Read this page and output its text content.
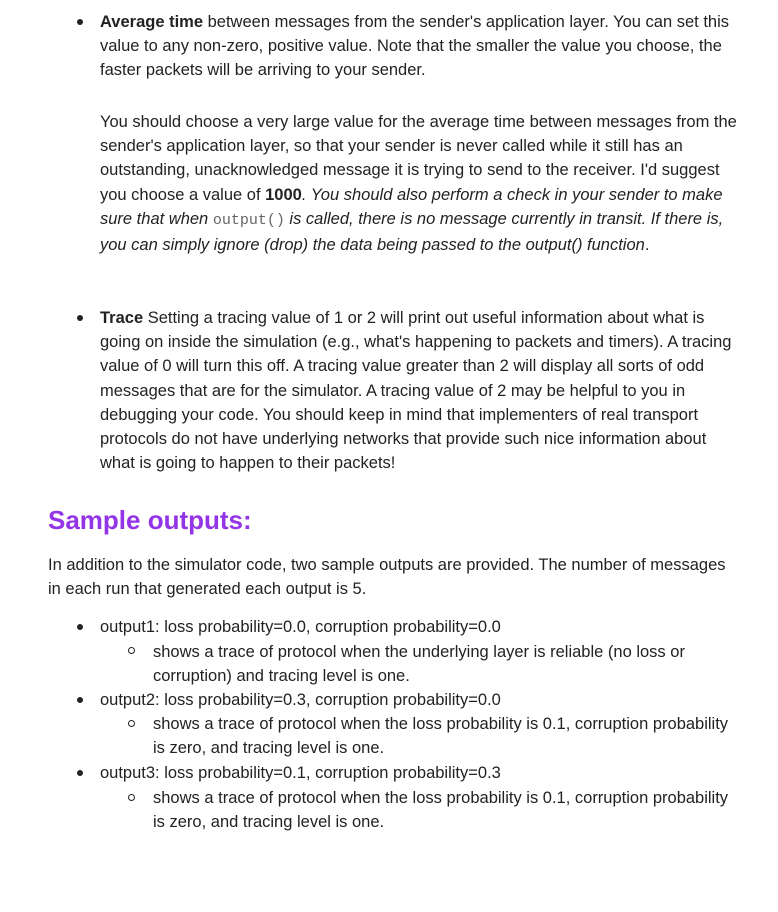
Average time between messages from the sender's application layer. You can set this value to any non-zero, positive value. Note that the smaller the value you choose, the faster packets will be arriving to your sender.

You should choose a very large value for the average time between messages from the sender's application layer, so that your sender is never called while it still has an outstanding, unacknowledged message it is trying to send to the receiver. I'd suggest you choose a value of 1000. You should also perform a check in your sender to make sure that when output() is called, there is no message currently in transit. If there is, you can simply ignore (drop) the data being passed to the output() function.

Trace Setting a tracing value of 1 or 2 will print out useful information about what is going on inside the simulation (e.g., what's happening to packets and timers). A tracing value of 0 will turn this off. A tracing value greater than 2 will display all sorts of odd messages that are for the simulator. A tracing value of 2 may be helpful to you in debugging your code. You should keep in mind that implementers of real transport protocols do not have underlying networks that provide such nice information about what is going to happen to their packets!

Sample outputs:

In addition to the simulator code, two sample outputs are provided. The number of messages in each run that generated each output is 5.

output1: loss probability=0.0, corruption probability=0.0
shows a trace of protocol when the underlying layer is reliable (no loss or corruption) and tracing level is one.
output2: loss probability=0.3, corruption probability=0.0
shows a trace of protocol when the loss probability is 0.1, corruption probability is zero, and tracing level is one.
output3: loss probability=0.1, corruption probability=0.3
shows a trace of protocol when the loss probability is 0.1, corruption probability is zero, and tracing level is one.
